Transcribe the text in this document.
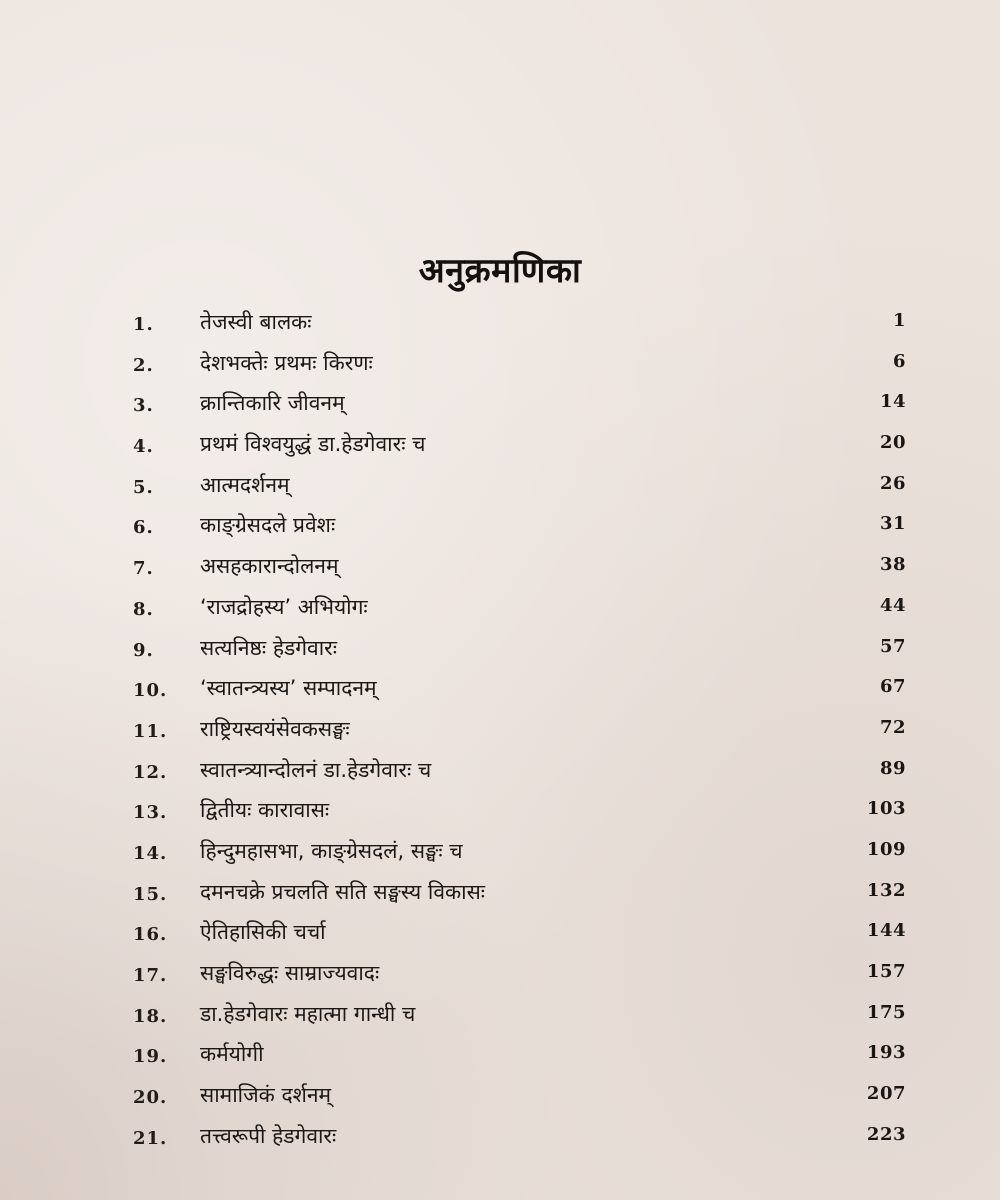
अनुक्रमणिका
1. तेजस्वी बालकः	1
2. देशभक्तेः प्रथमः किरणः	6
3. क्रान्तिकारि जीवनम्	14
4. प्रथमं विश्वयुद्धं डा.हेडगेवारः च	20
5. आत्मदर्शनम्	26
6. काङ्ग्रेसदले प्रवेशः	31
7. असहकारान्दोलनम्	38
8. ‘राजद्रोहस्य’ अभियोगः	44
9. सत्यनिष्ठः हेडगेवारः	57
10. ‘स्वातन्त्र्यस्य’ सम्पादनम्	67
11. राष्ट्रियस्वयंसेवकसङ्घः	72
12. स्वातन्त्र्यान्दोलनं डा.हेडगेवारः च	89
13. द्वितीयः कारावासः	103
14. हिन्दुमहासभा, काङ्ग्रेसदलं, सङ्घः च	109
15. दमनचक्रे प्रचलति सति सङ्घस्य विकासः	132
16. ऐतिहासिकी चर्चा	144
17. सङ्घविरुद्धः साम्राज्यवादः	157
18. डा.हेडगेवारः महात्मा गान्धी च	175
19. कर्मयोगी	193
20. सामाजिकं दर्शनम्	207
21. तत्त्वरूपी हेडगेवारः	223
